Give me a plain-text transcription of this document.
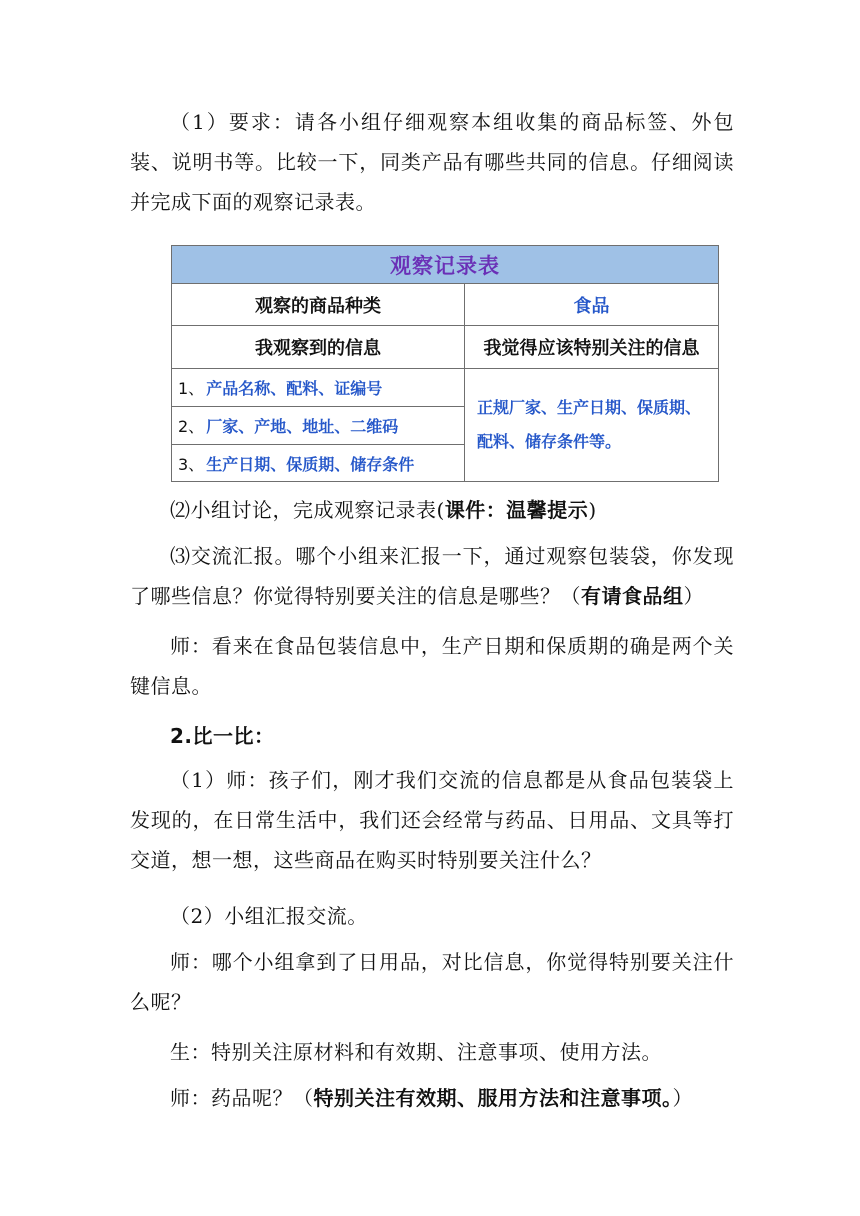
（1）要求：请各小组仔细观察本组收集的商品标签、外包装、说明书等。比较一下，同类产品有哪些共同的信息。仔细阅读并完成下面的观察记录表。
观察记录表
观察的商品种类	食品
我观察到的信息	我觉得应该特别关注的信息
1、 产品名称、配料、证编号
2、 厂家、产地、地址、二维码
3、 生产日期、保质期、储存条件
正规厂家、生产日期、保质期、配料、储存条件等。
⑵小组讨论，完成观察记录表(课件：温馨提示)
⑶交流汇报。哪个小组来汇报一下，通过观察包装袋，你发现了哪些信息？你觉得特别要关注的信息是哪些？（有请食品组）
师：看来在食品包装信息中，生产日期和保质期的确是两个关键信息。
2.比一比：
（1）师：孩子们，刚才我们交流的信息都是从食品包装袋上发现的，在日常生活中，我们还会经常与药品、日用品、文具等打交道，想一想，这些商品在购买时特别要关注什么？
（2）小组汇报交流。
师：哪个小组拿到了日用品，对比信息，你觉得特别要关注什么呢？
生：特别关注原材料和有效期、注意事项、使用方法。
师：药品呢？（特别关注有效期、服用方法和注意事项。）
